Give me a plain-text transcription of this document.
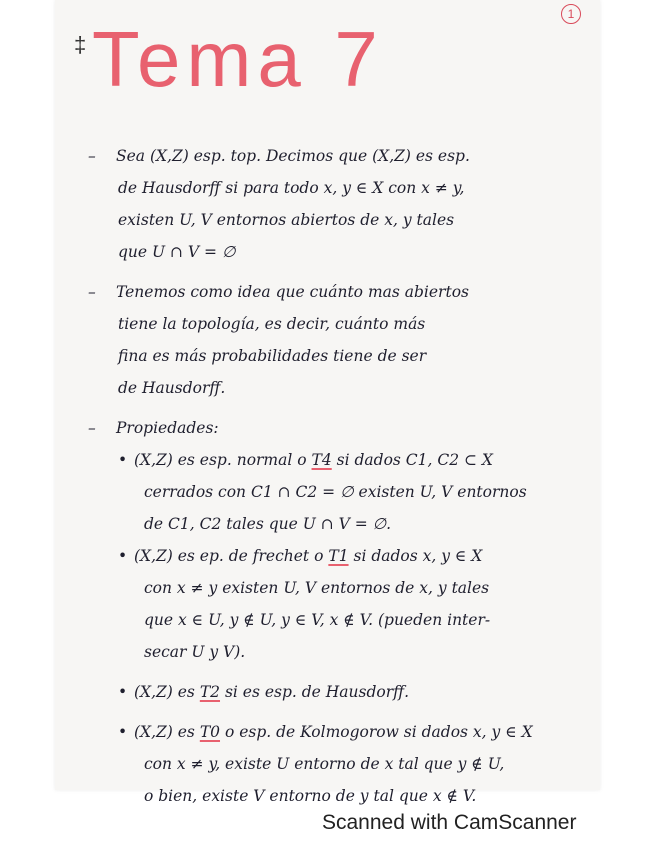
‡
1
Tema 7
– Sea (X,Z) esp. top. Decimos que (X,Z) es esp.
de Hausdorff si para todo x, y ∈ X con x ≠ y,
existen U, V entornos abiertos de x, y tales
que U ∩ V = ∅
– Tenemos como idea que cuánto mas abiertos
tiene la topología, es decir, cuánto más
fina es más probabilidades tiene de ser
de Hausdorff.
– Propiedades:
• (X,Z) es esp. normal o T4 si dados C1, C2 ⊂ X
cerrados con C1 ∩ C2 = ∅ existen U, V entornos
de C1, C2 tales que U ∩ V = ∅.
• (X,Z) es ep. de frechet o T1 si dados x, y ∈ X
con x ≠ y existen U, V entornos de x, y tales
que x ∈ U, y ∉ U, y ∈ V, x ∉ V. (pueden inter-
secar U y V).
• (X,Z) es T2 si es esp. de Hausdorff.
• (X,Z) es T0 o esp. de Kolmogorow si dados x, y ∈ X
con x ≠ y, existe U entorno de x tal que y ∉ U,
o bien, existe V entorno de y tal que x ∉ V.
Scanned with CamScanner
